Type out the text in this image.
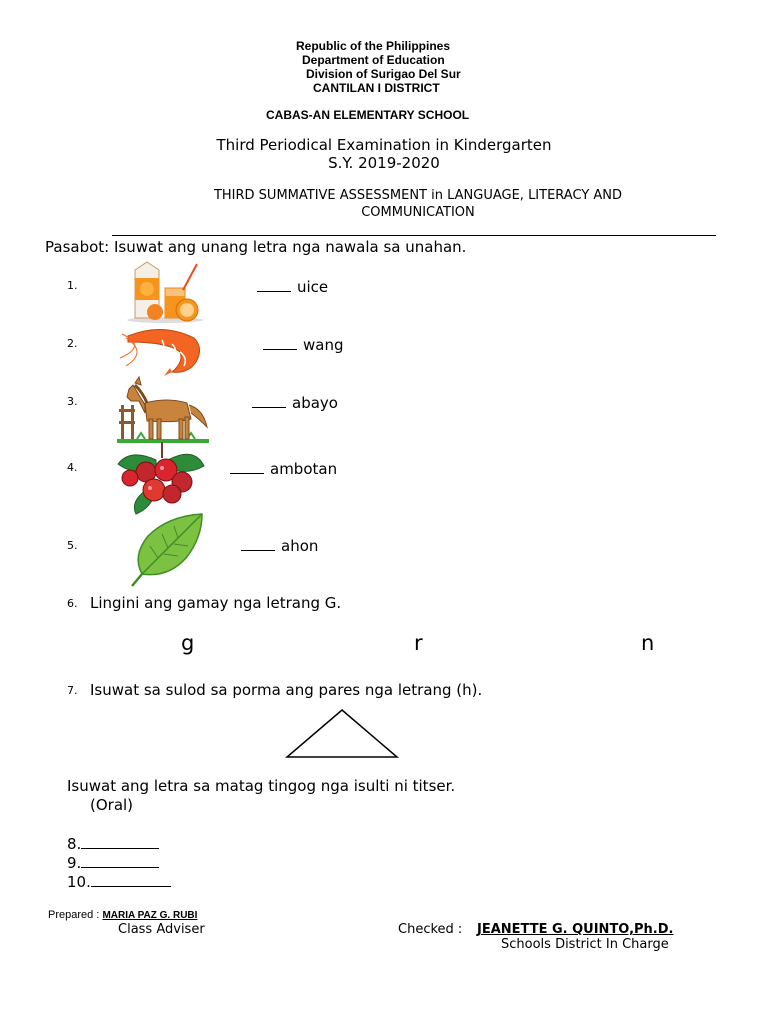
Republic of the Philippines
Department of Education
Division of Surigao Del Sur
CANTILAN I DISTRICT
CABAS-AN ELEMENTARY SCHOOL
Third Periodical Examination in Kindergarten
S.Y. 2019-2020
THIRD SUMMATIVE ASSESSMENT in LANGUAGE, LITERACY AND
COMMUNICATION
Pasabot: Isuwat ang unang letra nga nawala sa unahan.
1.	uice
2.	wang
3.	abayo
4.	ambotan
5.	ahon
6. Lingini ang gamay nga letrang G.
g	r	n
7. Isuwat sa sulod sa porma ang pares nga letrang (h).
Isuwat ang letra sa matag tingog nga isulti ni titser.
(Oral)
8.
9.
10.
Prepared : MARIA PAZ G. RUBI
Class Adviser	Checked : JEANETTE G. QUINTO,Ph.D.
Schools District In Charge
